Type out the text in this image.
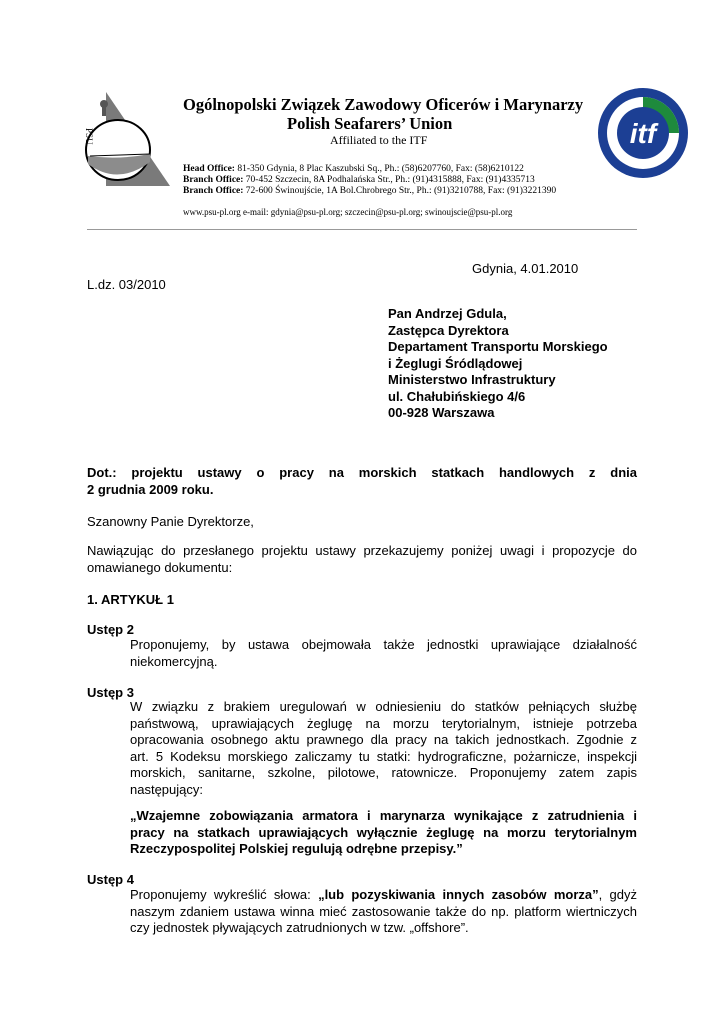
PSU	itf
Ogólnopolski Związek Zawodowy Oficerów i Marynarzy
Polish Seafarers’ Union
Affiliated to the ITF
Head Office: 81-350 Gdynia, 8 Plac Kaszubski Sq., Ph.: (58)6207760, Fax: (58)6210122
Branch Office: 70-452 Szczecin, 8A Podhalańska Str., Ph.: (91)4315888, Fax: (91)4335713
Branch Office: 72-600 Świnoujście, 1A Bol.Chrobrego Str., Ph.: (91)3210788, Fax: (91)3221390
www.psu-pl.org e-mail: gdynia@psu-pl.org; szczecin@psu-pl.org; swinoujscie@psu-pl.org
Gdynia, 4.01.2010
L.dz. 03/2010
Pan Andrzej Gdula,
Zastępca Dyrektora
Departament Transportu Morskiego
i Żeglugi Śródlądowej
Ministerstwo Infrastruktury
ul. Chałubińskiego 4/6
00-928 Warszawa
Dot.: projektu ustawy o pracy na morskich statkach handlowych z dnia
2 grudnia 2009 roku.
Szanowny Panie Dyrektorze,
Nawiązując do przesłanego projektu ustawy przekazujemy poniżej uwagi i propozycje do
omawianego dokumentu:
1. ARTYKUŁ 1
Ustęp 2
Proponujemy, by ustawa obejmowała także jednostki uprawiające działalność
niekomercyjną.
Ustęp 3
W związku z brakiem uregulowań w odniesieniu do statków pełniących służbę
państwową, uprawiających żeglugę na morzu terytorialnym, istnieje potrzeba
opracowania osobnego aktu prawnego dla pracy na takich jednostkach. Zgodnie z
art. 5 Kodeksu morskiego zaliczamy tu statki: hydrograficzne, pożarnicze, inspekcji
morskich, sanitarne, szkolne, pilotowe, ratownicze. Proponujemy zatem zapis
następujący:
„Wzajemne zobowiązania armatora i marynarza wynikające z zatrudnienia i
pracy na statkach uprawiających wyłącznie żeglugę na morzu terytorialnym
Rzeczypospolitej Polskiej regulują odrębne przepisy.”
Ustęp 4
Proponujemy wykreślić słowa: „lub pozyskiwania innych zasobów morza”, gdyż
naszym zdaniem ustawa winna mieć zastosowanie także do np. platform wiertniczych
czy jednostek pływających zatrudnionych w tzw. „offshore”.
